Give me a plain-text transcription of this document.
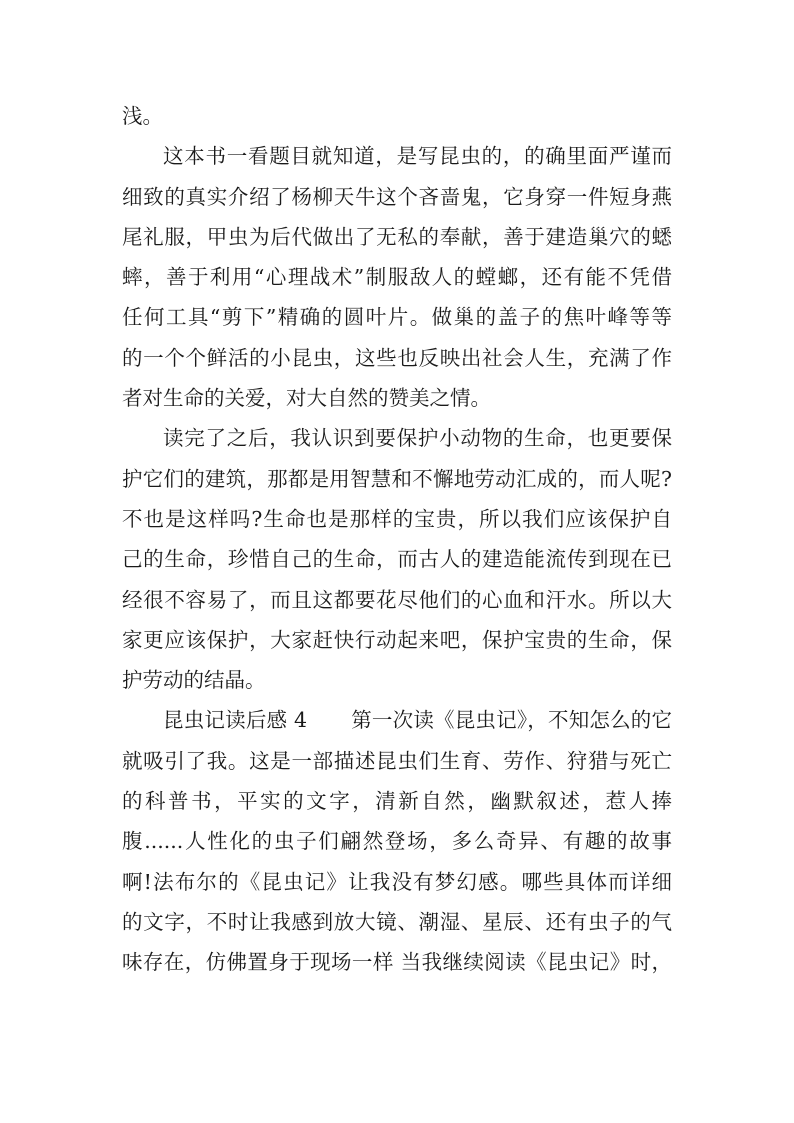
浅。
这本书一看题目就知道，是写昆虫的，的确里面严谨而
细致的真实介绍了杨柳天牛这个吝啬鬼，它身穿一件短身燕
尾礼服，甲虫为后代做出了无私的奉献，善于建造巢穴的蟋
蟀，善于利用“心理战术”制服敌人的螳螂，还有能不凭借
任何工具“剪下”精确的圆叶片。做巢的盖子的焦叶峰等等
的一个个鲜活的小昆虫，这些也反映出社会人生，充满了作
者对生命的关爱，对大自然的赞美之情。
读完了之后，我认识到要保护小动物的生命，也更要保
护它们的建筑，那都是用智慧和不懈地劳动汇成的，而人呢?
不也是这样吗?生命也是那样的宝贵，所以我们应该保护自
己的生命，珍惜自己的生命，而古人的建造能流传到现在已
经很不容易了，而且这都要花尽他们的心血和汗水。所以大
家更应该保护，大家赶快行动起来吧，保护宝贵的生命，保
护劳动的结晶。
昆虫记读后感 4 第一次读《昆虫记》，不知怎么的它
就吸引了我。这是一部描述昆虫们生育、劳作、狩猎与死亡
的科普书，平实的文字，清新自然，幽默叙述，惹人捧
腹......人性化的虫子们翩然登场，多么奇异、有趣的故事
啊!法布尔的《昆虫记》让我没有梦幻感。哪些具体而详细
的文字，不时让我感到放大镜、潮湿、星辰、还有虫子的气
味存在，仿佛置身于现场一样 当我继续阅读《昆虫记》时，
